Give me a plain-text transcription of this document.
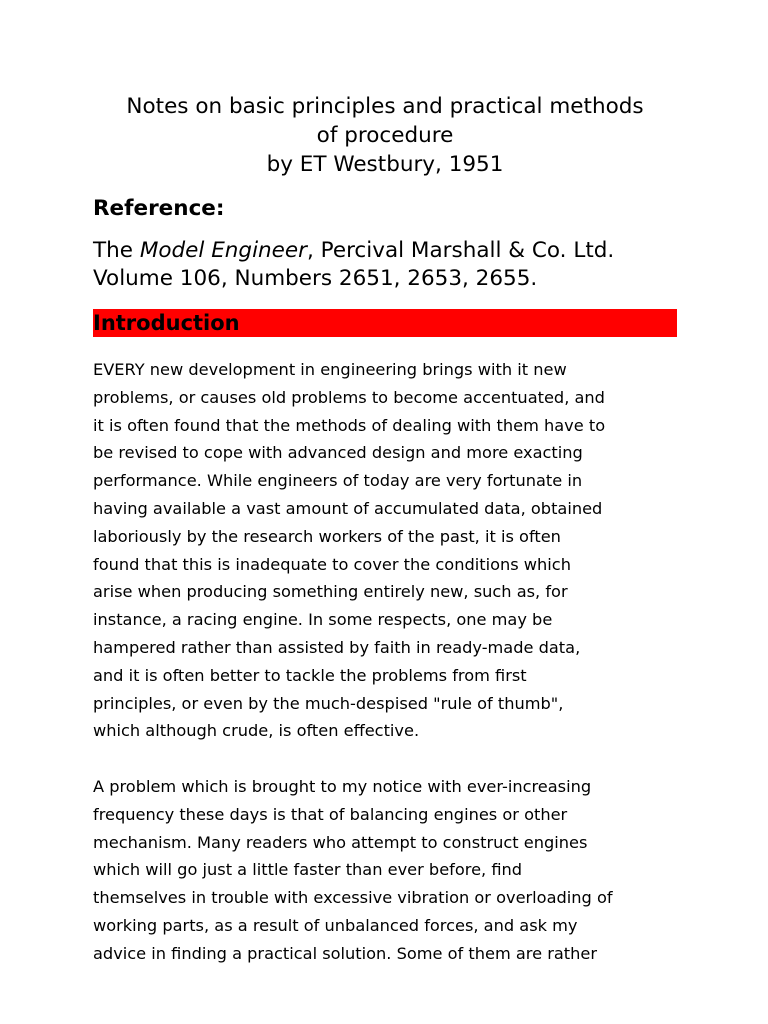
Notes on basic principles and practical methods
of procedure
by ET Westbury, 1951
Reference:
The Model Engineer, Percival Marshall & Co. Ltd.
Volume 106, Numbers 2651, 2653, 2655.
Introduction
EVERY new development in engineering brings with it new
problems, or causes old problems to become accentuated, and
it is often found that the methods of dealing with them have to
be revised to cope with advanced design and more exacting
performance. While engineers of today are very fortunate in
having available a vast amount of accumulated data, obtained
laboriously by the research workers of the past, it is often
found that this is inadequate to cover the conditions which
arise when producing something entirely new, such as, for
instance, a racing engine. In some respects, one may be
hampered rather than assisted by faith in ready-made data,
and it is often better to tackle the problems from first
principles, or even by the much-despised "rule of thumb",
which although crude, is often effective.
A problem which is brought to my notice with ever-increasing
frequency these days is that of balancing engines or other
mechanism. Many readers who attempt to construct engines
which will go just a little faster than ever before, find
themselves in trouble with excessive vibration or overloading of
working parts, as a result of unbalanced forces, and ask my
advice in finding a practical solution. Some of them are rather
